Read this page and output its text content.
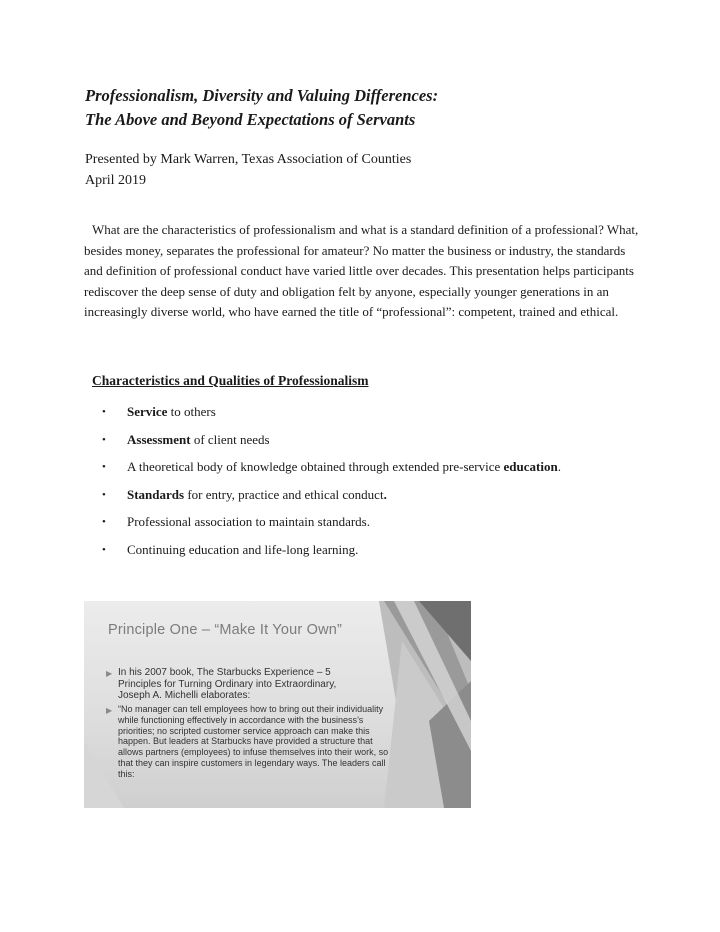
Professionalism, Diversity and Valuing Differences:
The Above and Beyond Expectations of Servants
Presented by Mark Warren, Texas Association of Counties
April 2019

What are the characteristics of professionalism and what is a standard definition of a professional? What, besides money, separates the professional for amateur? No matter the business or industry, the standards and definition of professional conduct have varied little over decades. This presentation helps participants rediscover the deep sense of duty and obligation felt by anyone, especially younger generations in an increasingly diverse world, who have earned the title of “professional”: competent, trained and ethical.

Characteristics and Qualities of Professionalism
• Service to others
• Assessment of client needs
• A theoretical body of knowledge obtained through extended pre-service education.
• Standards for entry, practice and ethical conduct.
• Professional association to maintain standards.
• Continuing education and life-long learning.
Principle One – “Make It Your Own”
▶ In his 2007 book, The Starbucks Experience – 5 Principles for Turning Ordinary into Extraordinary, Joseph A. Michelli elaborates:
▶ “No manager can tell employees how to bring out their individuality while functioning effectively in accordance with the business’s priorities; no scripted customer service approach can make this happen. But leaders at Starbucks have provided a structure that allows partners (employees) to infuse themselves into their work, so that they can inspire customers in legendary ways. The leaders call this:
